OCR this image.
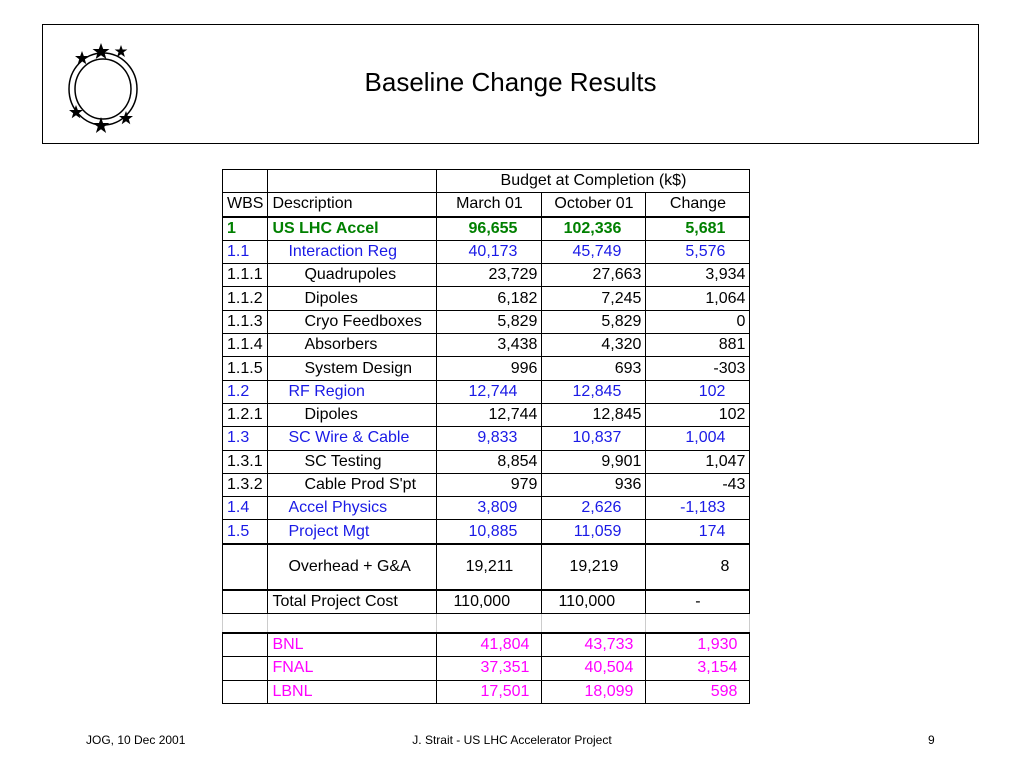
Baseline Change Results
		Budget at Completion (k$)		
WBS	Description	March 01	October 01	Change
1	US LHC Accel	96,655	102,336	5,681
1.1	Interaction Reg	40,173	45,749	5,576
1.1.1	Quadrupoles	23,729	27,663	3,934
1.1.2	Dipoles	6,182	7,245	1,064
1.1.3	Cryo Feedboxes	5,829	5,829	0
1.1.4	Absorbers	3,438	4,320	881
1.1.5	System Design	996	693	-303
1.2	RF Region	12,744	12,845	102
1.2.1	Dipoles	12,744	12,845	102
1.3	SC Wire & Cable	9,833	10,837	1,004
1.3.1	SC Testing	8,854	9,901	1,047
1.3.2	Cable Prod S'pt	979	936	-43
1.4	Accel Physics	3,809	2,626	-1,183
1.5	Project Mgt	10,885	11,059	174
	Overhead + G&A	19,211	19,219	8
	Total Project Cost	110,000	110,000	-

	BNL	41,804	43,733	1,930
	FNAL	37,351	40,504	3,154
	LBNL	17,501	18,099	598
JOG, 10 Dec 2001	J. Strait - US LHC Accelerator Project	9
